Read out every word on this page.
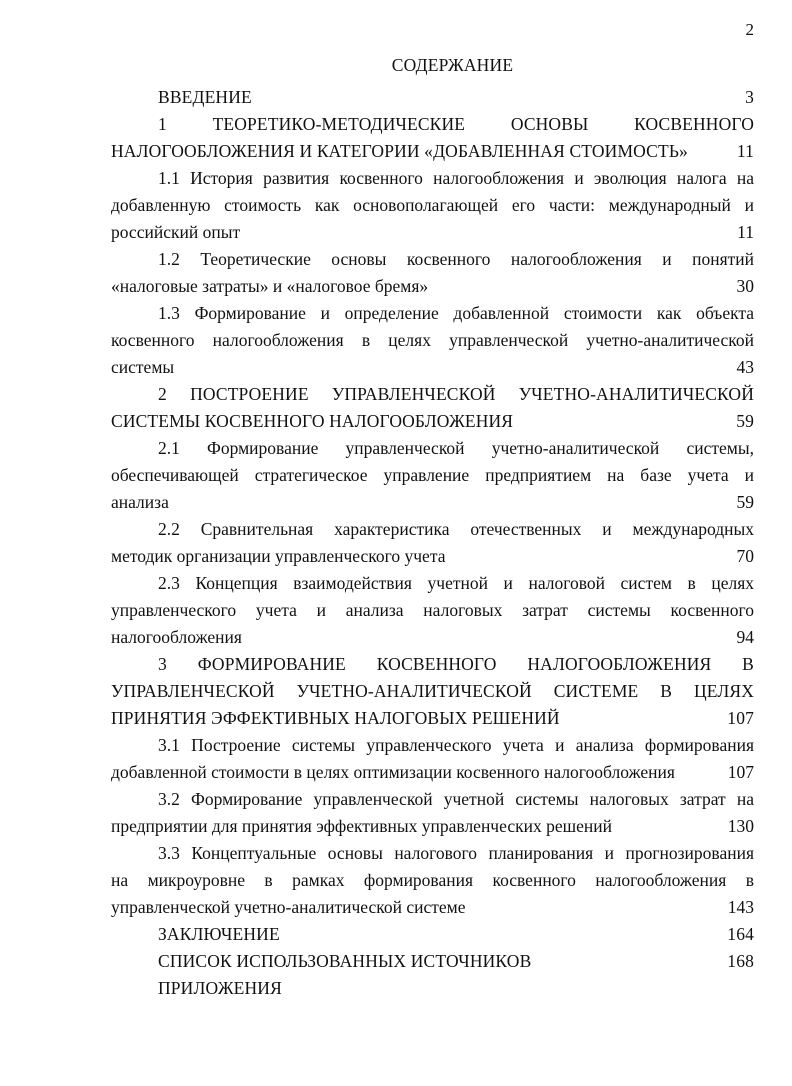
2
СОДЕРЖАНИЕ
ВВЕДЕНИЕ	3
1 ТЕОРЕТИКО-МЕТОДИЧЕСКИЕ ОСНОВЫ КОСВЕННОГО
НАЛОГООБЛОЖЕНИЯ И КАТЕГОРИИ «ДОБАВЛЕННАЯ СТОИМОСТЬ»	11
1.1 История развития косвенного налогообложения и эволюция налога на
добавленную стоимость как основополагающей его части: международный и
российский опыт	11
1.2 Теоретические основы косвенного налогообложения и понятий
«налоговые затраты» и «налоговое бремя»	30
1.3 Формирование и определение добавленной стоимости как объекта
косвенного налогообложения в целях управленческой учетно-аналитической
системы	43
2 ПОСТРОЕНИЕ УПРАВЛЕНЧЕСКОЙ УЧЕТНО-АНАЛИТИЧЕСКОЙ
СИСТЕМЫ КОСВЕННОГО НАЛОГООБЛОЖЕНИЯ	59
2.1 Формирование управленческой учетно-аналитической системы,
обеспечивающей стратегическое управление предприятием на базе учета и
анализа	59
2.2 Сравнительная характеристика отечественных и международных
методик организации управленческого учета	70
2.3 Концепция взаимодействия учетной и налоговой систем в целях
управленческого учета и анализа налоговых затрат системы косвенного
налогообложения	94
3 ФОРМИРОВАНИЕ КОСВЕННОГО НАЛОГООБЛОЖЕНИЯ В
УПРАВЛЕНЧЕСКОЙ УЧЕТНО-АНАЛИТИЧЕСКОЙ СИСТЕМЕ В ЦЕЛЯХ
ПРИНЯТИЯ ЭФФЕКТИВНЫХ НАЛОГОВЫХ РЕШЕНИЙ	107
3.1 Построение системы управленческого учета и анализа формирования
добавленной стоимости в целях оптимизации косвенного налогообложения	107
3.2 Формирование управленческой учетной системы налоговых затрат на
предприятии для принятия эффективных управленческих решений	130
3.3 Концептуальные основы налогового планирования и прогнозирования
на микроуровне в рамках формирования косвенного налогообложения в
управленческой учетно-аналитической системе	143
ЗАКЛЮЧЕНИЕ	164
СПИСОК ИСПОЛЬЗОВАННЫХ ИСТОЧНИКОВ	168
ПРИЛОЖЕНИЯ
